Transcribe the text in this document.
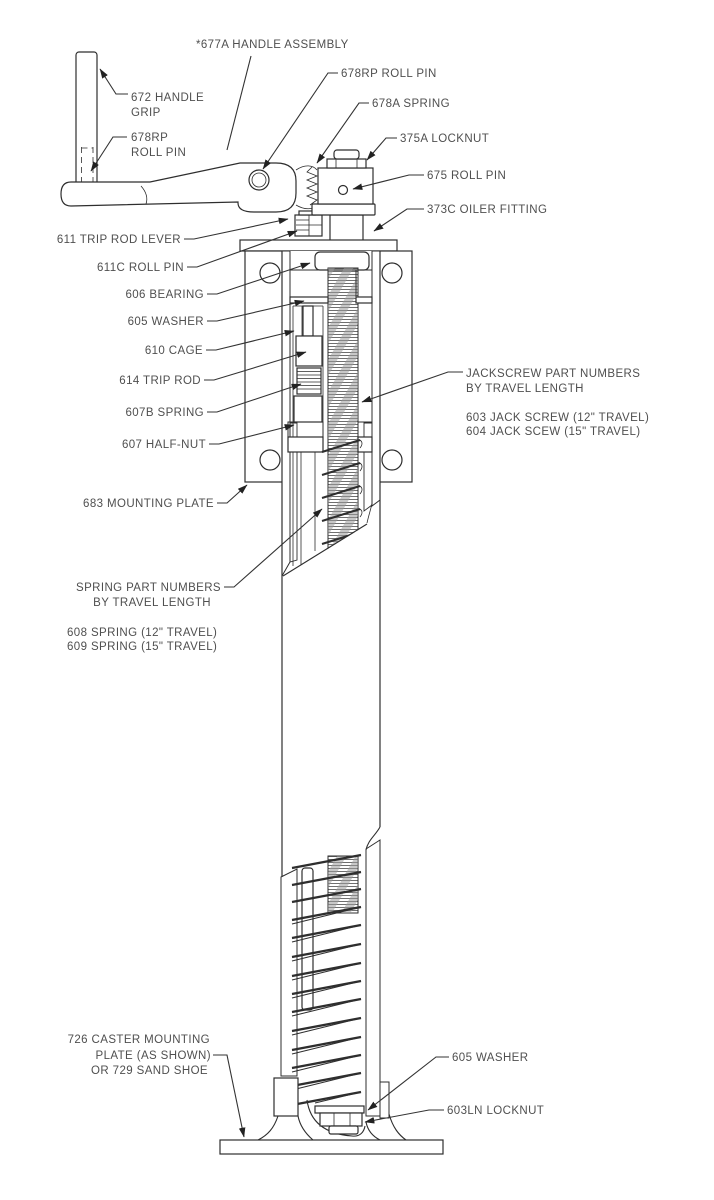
*677A HANDLE ASSEMBLY
672 HANDLE
GRIP
678RP
ROLL PIN
678RP ROLL PIN
678A SPRING
375A LOCKNUT
675 ROLL PIN
373C OILER FITTING
611 TRIP ROD LEVER
611C ROLL PIN
606 BEARING
605 WASHER
610 CAGE
614 TRIP ROD
607B SPRING
607 HALF-NUT
683 MOUNTING PLATE
JACKSCREW PART NUMBERS
BY TRAVEL LENGTH
603 JACK SCREW (12" TRAVEL)
604 JACK SCEW (15" TRAVEL)
SPRING PART NUMBERS
BY TRAVEL LENGTH
608 SPRING (12" TRAVEL)
609 SPRING (15" TRAVEL)
726 CASTER MOUNTING
PLATE (AS SHOWN)
OR 729 SAND SHOE
605 WASHER
603LN LOCKNUT
